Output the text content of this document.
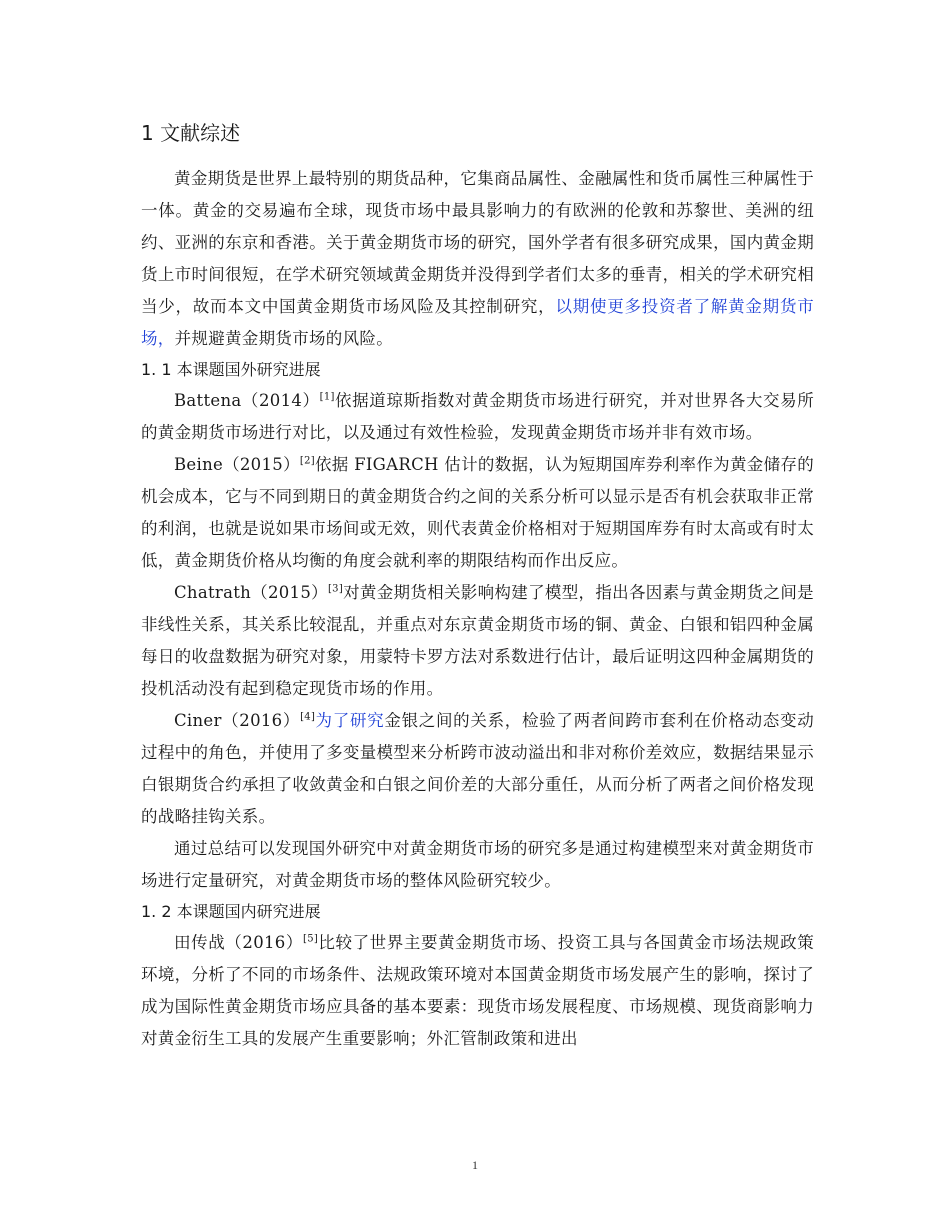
1 文献综述

黄金期货是世界上最特别的期货品种，它集商品属性、金融属性和货币属性三种属性于一体。黄金的交易遍布全球，现货市场中最具影响力的有欧洲的伦敦和苏黎世、美洲的纽约、亚洲的东京和香港。关于黄金期货市场的研究，国外学者有很多研究成果，国内黄金期货上市时间很短，在学术研究领域黄金期货并没得到学者们太多的垂青，相关的学术研究相当少，故而本文中国黄金期货市场风险及其控制研究，以期使更多投资者了解黄金期货市场，并规避黄金期货市场的风险。

1. 1 本课题国外研究进展

Battena（2014）[1]依据道琼斯指数对黄金期货市场进行研究，并对世界各大交易所的黄金期货市场进行对比，以及通过有效性检验，发现黄金期货市场并非有效市场。

Beine（2015）[2]依据 FIGARCH 估计的数据，认为短期国库券利率作为黄金储存的机会成本，它与不同到期日的黄金期货合约之间的关系分析可以显示是否有机会获取非正常的利润，也就是说如果市场间或无效，则代表黄金价格相对于短期国库券有时太高或有时太低，黄金期货价格从均衡的角度会就利率的期限结构而作出反应。

Chatrath（2015）[3]对黄金期货相关影响构建了模型，指出各因素与黄金期货之间是非线性关系，其关系比较混乱，并重点对东京黄金期货市场的铜、黄金、白银和铝四种金属每日的收盘数据为研究对象，用蒙特卡罗方法对系数进行估计，最后证明这四种金属期货的投机活动没有起到稳定现货市场的作用。

Ciner（2016）[4]为了研究金银之间的关系，检验了两者间跨市套利在价格动态变动过程中的角色，并使用了多变量模型来分析跨市波动溢出和非对称价差效应，数据结果显示白银期货合约承担了收敛黄金和白银之间价差的大部分重任，从而分析了两者之间价格发现的战略挂钩关系。

通过总结可以发现国外研究中对黄金期货市场的研究多是通过构建模型来对黄金期货市场进行定量研究，对黄金期货市场的整体风险研究较少。

1. 2 本课题国内研究进展

田传战（2016）[5]比较了世界主要黄金期货市场、投资工具与各国黄金市场法规政策环境，分析了不同的市场条件、法规政策环境对本国黄金期货市场发展产生的影响，探讨了成为国际性黄金期货市场应具备的基本要素：现货市场发展程度、市场规模、现货商影响力对黄金衍生工具的发展产生重要影响；外汇管制政策和进出

1
